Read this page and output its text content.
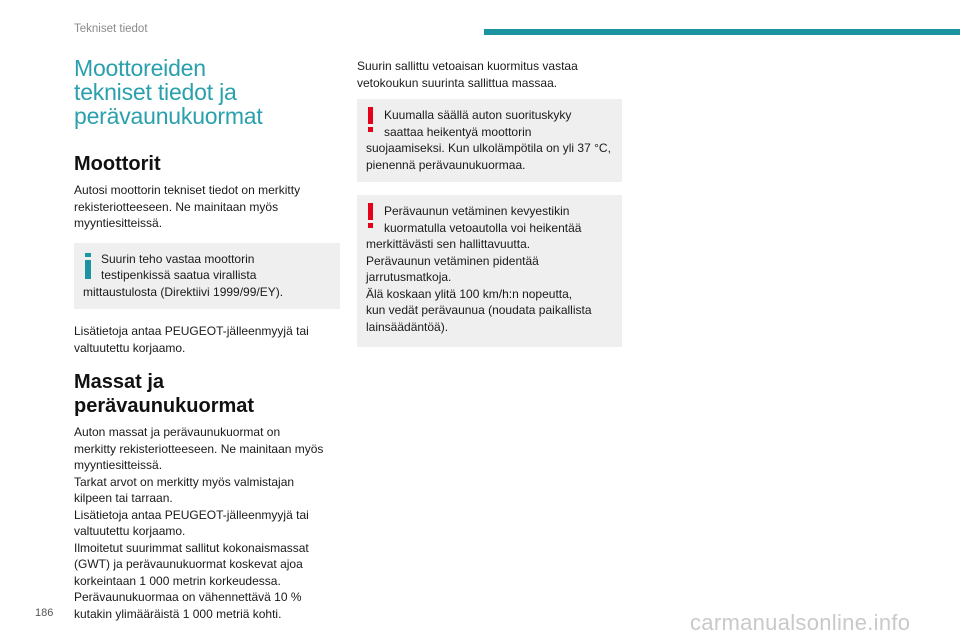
Tekniset tiedot
Moottoreiden
tekniset tiedot ja
perävaunukuormat
Moottorit

Autosi moottorin tekniset tiedot on merkitty
rekisteriotteeseen. Ne mainitaan myös
myyntiesitteissä.

Suurin teho vastaa moottorin
testipenkissä saatua virallista
mittaustulosta (Direktiivi 1999/99/EY).

Lisätietoja antaa PEUGEOT-jälleenmyyjä tai
valtuutettu korjaamo.

Massat ja
perävaunukuormat

Auton massat ja perävaunukuormat on
merkitty rekisteriotteeseen. Ne mainitaan myös
myyntiesitteissä.
Tarkat arvot on merkitty myös valmistajan
kilpeen tai tarraan.
Lisätietoja antaa PEUGEOT-jälleenmyyjä tai
valtuutettu korjaamo.
Ilmoitetut suurimmat sallitut kokonaismassat
(GWT) ja perävaunukuormat koskevat ajoa
korkeintaan 1 000 metrin korkeudessa.
Perävaunukuormaa on vähennettävä 10 %
kutakin ylimääräistä 1 000 metriä kohti.

Suurin sallittu vetoaisan kuormitus vastaa
vetokoukun suurinta sallittua massaa.

Kuumalla säällä auton suorituskyky
saattaa heikentyä moottorin
suojaamiseksi. Kun ulkolämpötila on yli 37 °C,
pienennä perävaunukuormaa.
Perävaunun vetäminen kevyestikin
kuormatulla vetoautolla voi heikentää
merkittävästi sen hallittavuutta.
Perävaunun vetäminen pidentää
jarrutusmatkoja.
Älä koskaan ylitä 100 km/h:n nopeutta,
kun vedät perävaunua (noudata paikallista
lainsäädäntöä).
186	carmanualsonline.info
